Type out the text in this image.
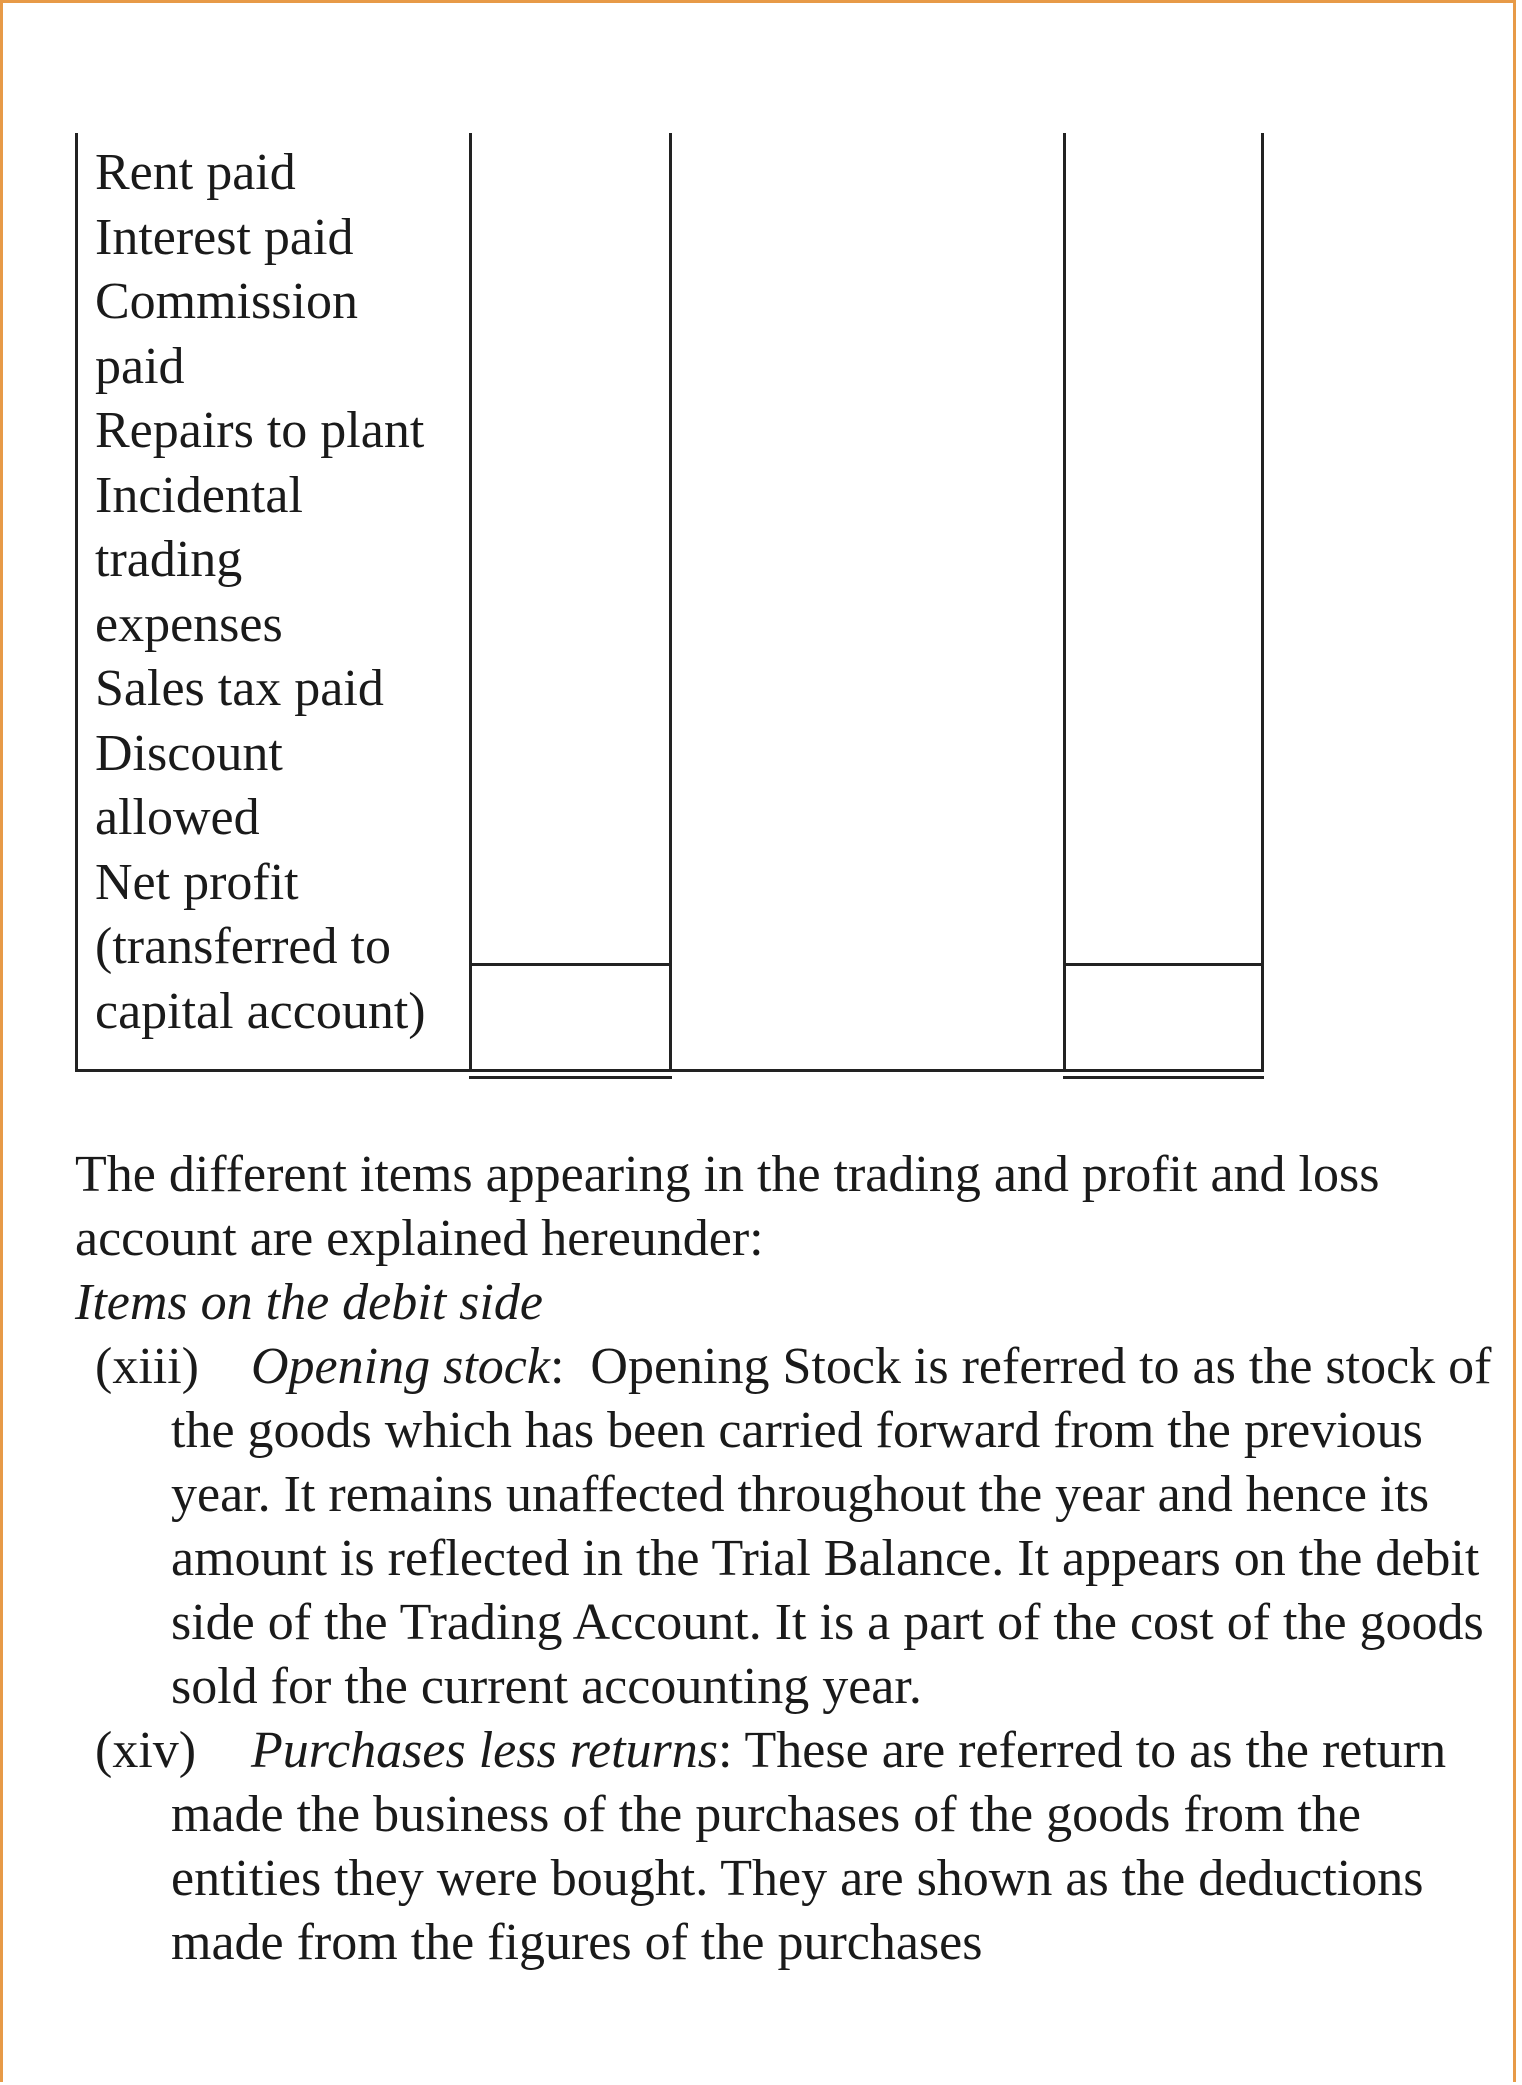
Rent paid
Interest paid
Commission paid
Repairs to plant
Incidental trading expenses
Sales tax paid
Discount allowed
Net profit (transferred to capital account)

The different items appearing in the trading and profit and loss account are explained hereunder:

Items on the debit side

(xiii) Opening stock:  Opening Stock is referred to as the stock of the goods which has been carried forward from the previous year. It remains unaffected throughout the year and hence its amount is reflected in the Trial Balance. It appears on the debit side of the Trading Account. It is a part of the cost of the goods sold for the current accounting year.

(xiv) Purchases less returns: These are referred to as the return made the business of the purchases of the goods from the entities they were bought. They are shown as the deductions made from the figures of the purchases
